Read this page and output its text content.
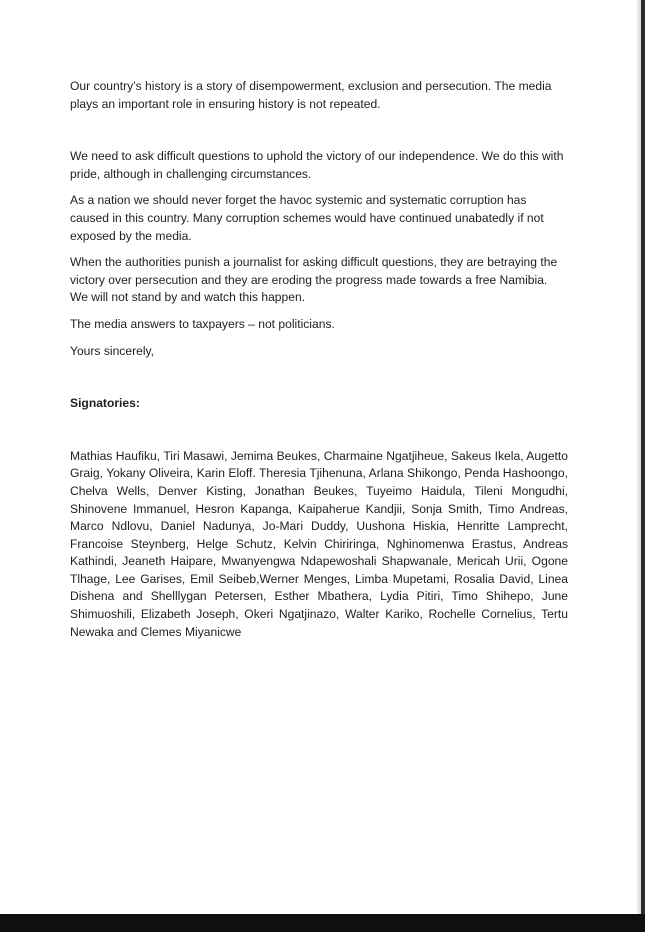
Our country’s history is a story of disempowerment, exclusion and persecution. The media plays an important role in ensuring history is not repeated.

We need to ask difficult questions to uphold the victory of our independence. We do this with pride, although in challenging circumstances.

As a nation we should never forget the havoc systemic and systematic corruption has caused in this country. Many corruption schemes would have continued unabatedly if not exposed by the media.

When the authorities punish a journalist for asking difficult questions, they are betraying the victory over persecution and they are eroding the progress made towards a free Namibia. We will not stand by and watch this happen.

The media answers to taxpayers – not politicians.

Yours sincerely,

Signatories:

Mathias Haufiku, Tiri Masawi, Jemima Beukes, Charmaine Ngatjiheue, Sakeus Ikela, Augetto Graig, Yokany Oliveira, Karin Eloff. Theresia Tjihenuna, Arlana Shikongo, Penda Hashoongo, Chelva Wells, Denver Kisting, Jonathan Beukes, Tuyeimo Haidula, Tileni Mongudhi, Shinovene Immanuel, Hesron Kapanga, Kaipaherue Kandjii, Sonja Smith, Timo Andreas, Marco Ndlovu, Daniel Nadunya, Jo-Mari Duddy, Uushona Hiskia, Henritte Lamprecht, Francoise Steynberg, Helge Schutz, Kelvin Chiriringa, Nghinomenwa Erastus, Andreas Kathindi, Jeaneth Haipare, Mwanyengwa Ndapewoshali Shapwanale, Mericah Urii, Ogone Tlhage, Lee Garises, Emil Seibeb,Werner Menges, Limba Mupetami, Rosalia David, Linea Dishena and Shelllygan Petersen, Esther Mbathera, Lydia Pitiri, Timo Shihepo, June Shimuoshili, Elizabeth Joseph, Okeri Ngatjinazo, Walter Kariko, Rochelle Cornelius, Tertu Newaka and Clemes Miyanicwe
